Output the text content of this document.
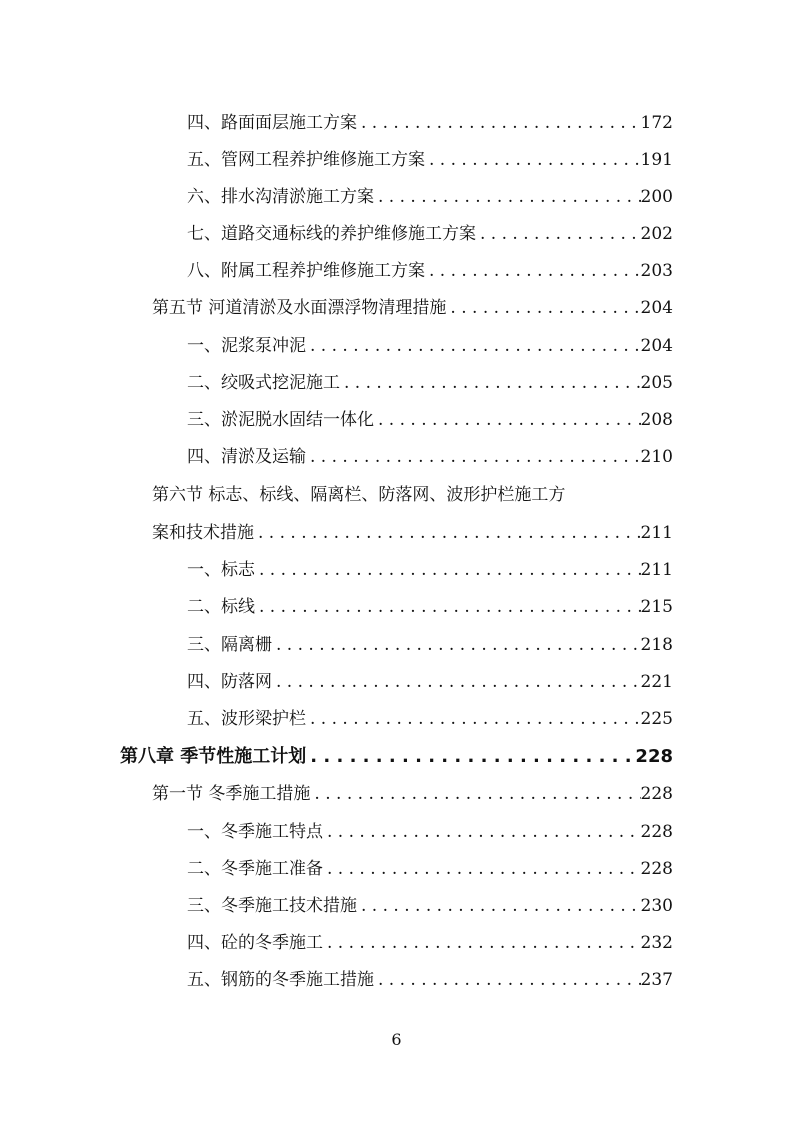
四、路面面层施工方案 . . .	172
五、管网工程养护维修施工方案 . . .	191
六、排水沟清淤施工方案 . . .	200
七、道路交通标线的养护维修施工方案 . . .	202
八、附属工程养护维修施工方案 . . .	203
第五节 河道清淤及水面漂浮物清理措施 . . .	204
一、泥浆泵冲泥 . . .	204
二、绞吸式挖泥施工 . . .	205
三、淤泥脱水固结一体化 . . .	208
四、清淤及运输 . . .	210
第六节 标志、标线、隔离栏、防落网、波形护栏施工方
案和技术措施 . . .	211
一、标志 . . .	211
二、标线 . . .	215
三、隔离栅 . . .	218
四、防落网 . . .	221
五、波形梁护栏 . . .	225
第八章 季节性施工计划 . . .	228
第一节 冬季施工措施 . . .	228
一、冬季施工特点 . . .	228
二、冬季施工准备 . . .	228
三、冬季施工技术措施 . . .	230
四、砼的冬季施工 . . .	232
五、钢筋的冬季施工措施 . . .	237
6
